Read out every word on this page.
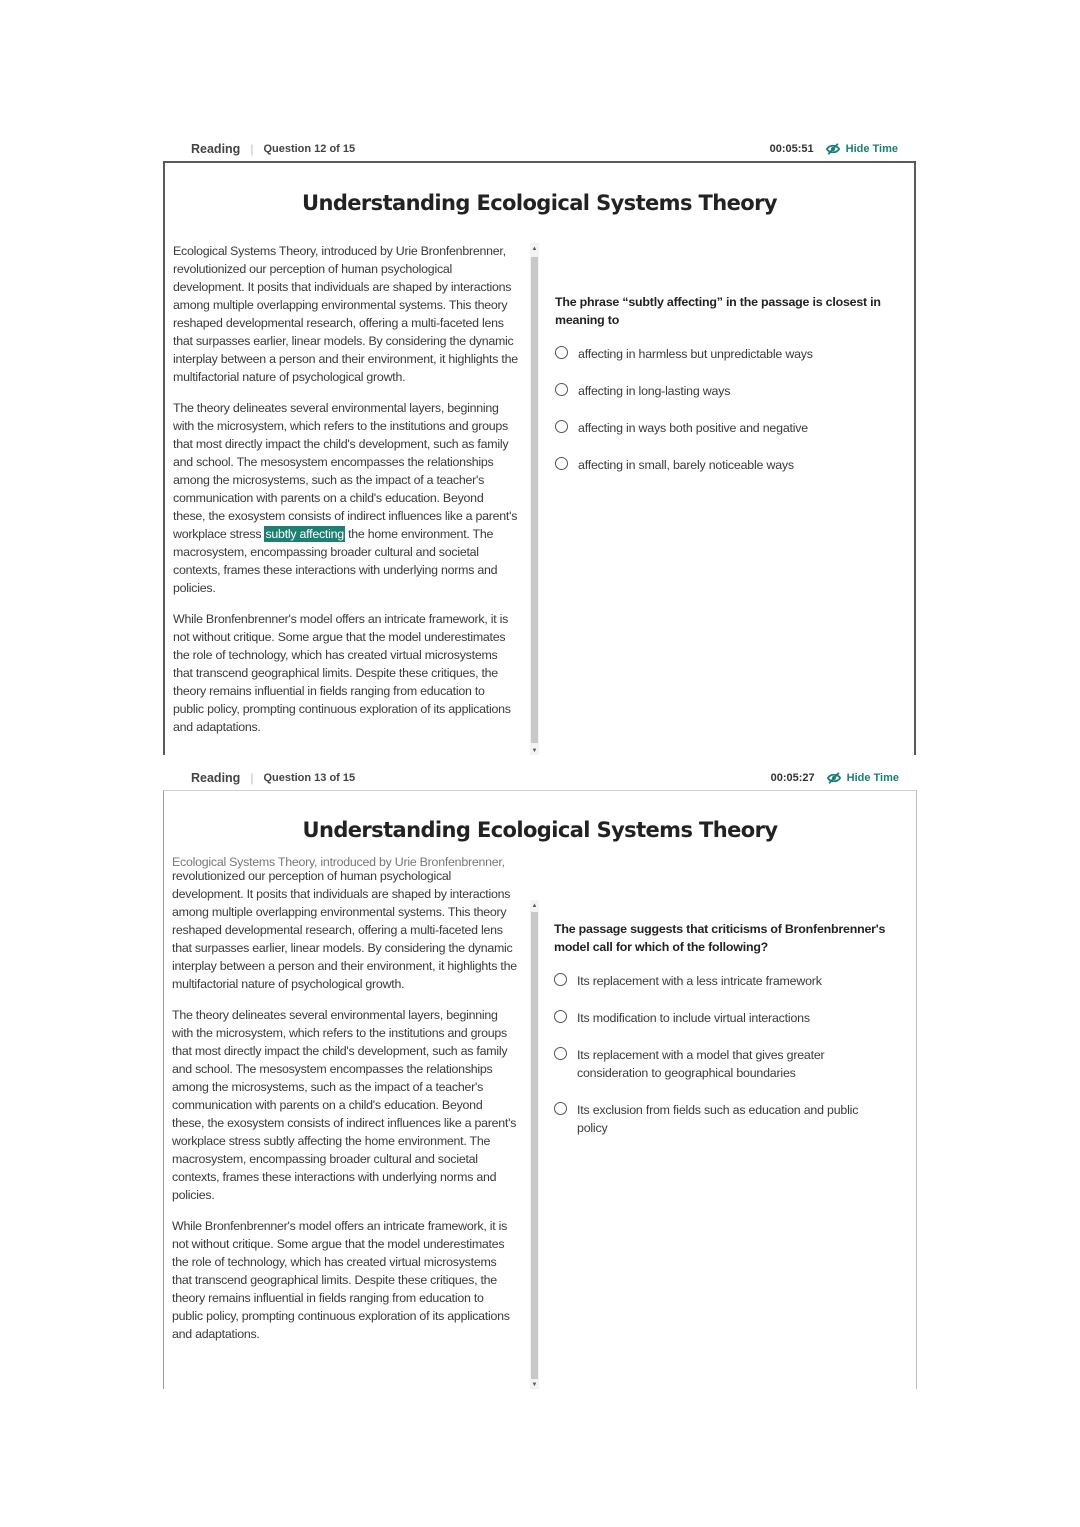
Reading | Question 12 of 15	00:05:51	Hide Time
Understanding Ecological Systems Theory

Ecological Systems Theory, introduced by Urie Bronfenbrenner, revolutionized our perception of human psychological development. It posits that individuals are shaped by interactions among multiple overlapping environmental systems. This theory reshaped developmental research, offering a multi-faceted lens that surpasses earlier, linear models. By considering the dynamic interplay between a person and their environment, it highlights the multifactorial nature of psychological growth.

The theory delineates several environmental layers, beginning with the microsystem, which refers to the institutions and groups that most directly impact the child's development, such as family and school. The mesosystem encompasses the relationships among the microsystems, such as the impact of a teacher's communication with parents on a child's education. Beyond these, the exosystem consists of indirect influences like a parent's workplace stress subtly affecting the home environment. The macrosystem, encompassing broader cultural and societal contexts, frames these interactions with underlying norms and policies.

While Bronfenbrenner's model offers an intricate framework, it is not without critique. Some argue that the model underestimates the role of technology, which has created virtual microsystems that transcend geographical limits. Despite these critiques, the theory remains influential in fields ranging from education to public policy, prompting continuous exploration of its applications and adaptations.

▲
▼
The phrase “subtly affecting” in the passage is closest in meaning to
affecting in harmless but unpredictable ways
affecting in long-lasting ways
affecting in ways both positive and negative
affecting in small, barely noticeable ways
Reading | Question 13 of 15	00:05:27	Hide Time
Understanding Ecological Systems Theory

Ecological Systems Theory, introduced by Urie Bronfenbrenner,

revolutionized our perception of human psychological development. It posits that individuals are shaped by interactions among multiple overlapping environmental systems. This theory reshaped developmental research, offering a multi-faceted lens that surpasses earlier, linear models. By considering the dynamic interplay between a person and their environment, it highlights the multifactorial nature of psychological growth.

The theory delineates several environmental layers, beginning with the microsystem, which refers to the institutions and groups that most directly impact the child's development, such as family and school. The mesosystem encompasses the relationships among the microsystems, such as the impact of a teacher's communication with parents on a child's education. Beyond these, the exosystem consists of indirect influences like a parent's workplace stress subtly affecting the home environment. The macrosystem, encompassing broader cultural and societal contexts, frames these interactions with underlying norms and policies.

While Bronfenbrenner's model offers an intricate framework, it is not without critique. Some argue that the model underestimates the role of technology, which has created virtual microsystems that transcend geographical limits. Despite these critiques, the theory remains influential in fields ranging from education to public policy, prompting continuous exploration of its applications and adaptations.

▲
▼
The passage suggests that criticisms of Bronfenbrenner's model call for which of the following?
Its replacement with a less intricate framework
Its modification to include virtual interactions
Its replacement with a model that gives greater consideration to geographical boundaries
Its exclusion from fields such as education and public policy
